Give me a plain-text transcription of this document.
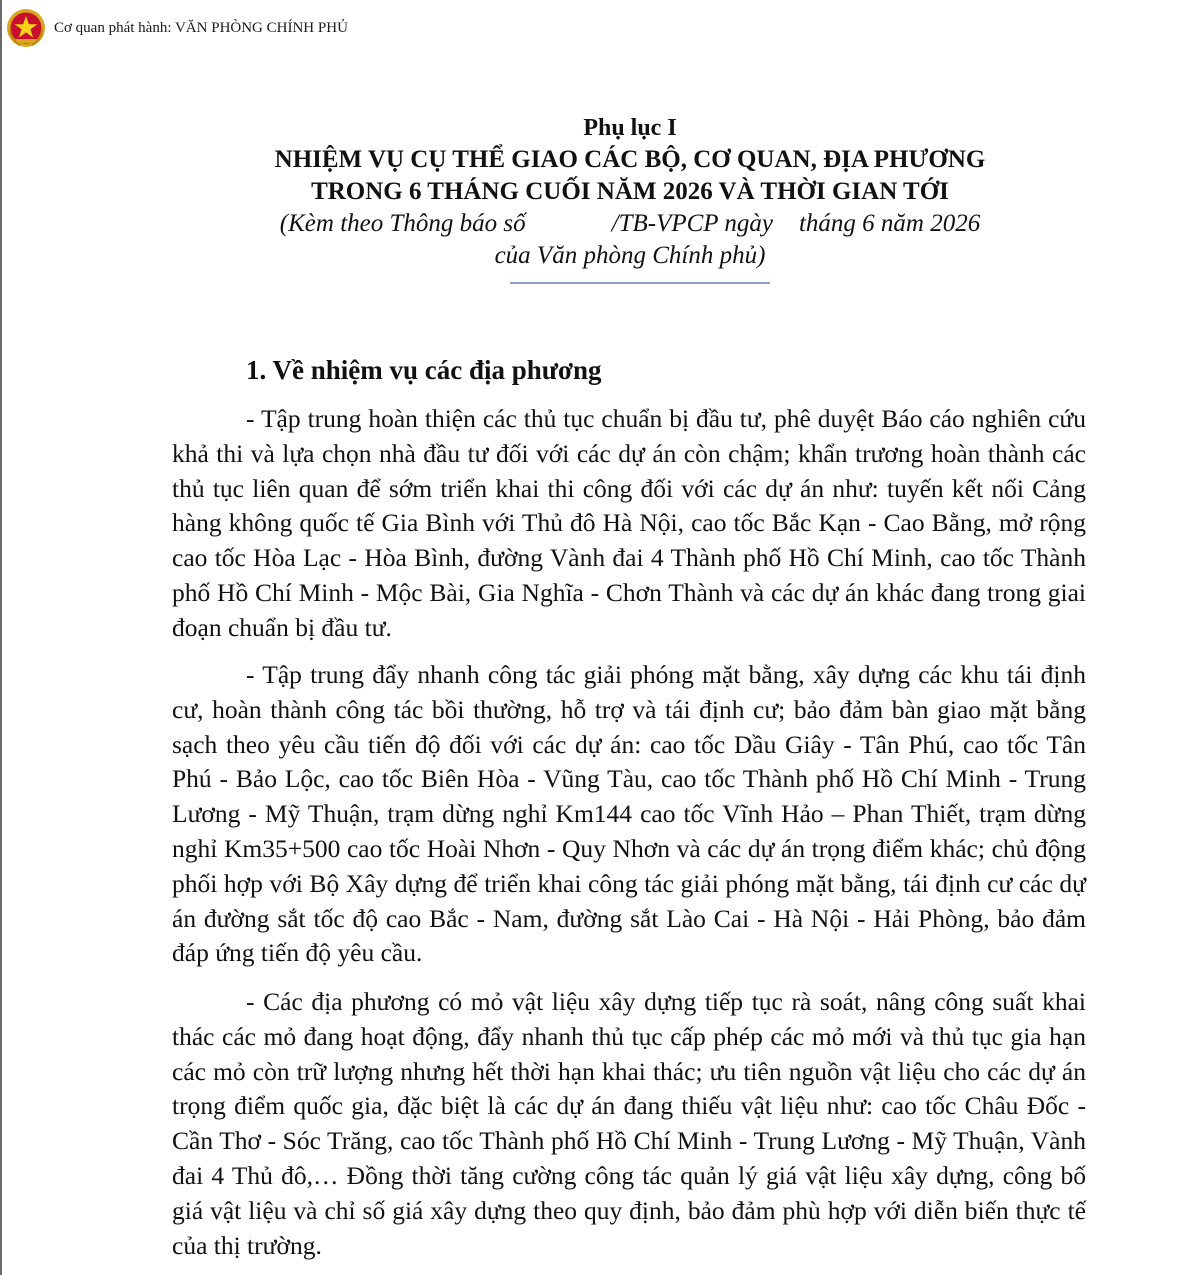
Cơ quan phát hành: VĂN PHÒNG CHÍNH PHỦ
Phụ lục I
NHIỆM VỤ CỤ THỂ GIAO CÁC BỘ, CƠ QUAN, ĐỊA PHƯƠNG
TRONG 6 THÁNG CUỐI NĂM 2026 VÀ THỜI GIAN TỚI
(Kèm theo Thông báo số	/TB-VPCP ngày tháng 6 năm 2026
của Văn phòng Chính phủ)
1. Về nhiệm vụ các địa phương

- Tập trung hoàn thiện các thủ tục chuẩn bị đầu tư, phê duyệt Báo cáo nghiên cứu khả thi và lựa chọn nhà đầu tư đối với các dự án còn chậm; khẩn trương hoàn thành các thủ tục liên quan để sớm triển khai thi công đối với các dự án như: tuyến kết nối Cảng hàng không quốc tế Gia Bình với Thủ đô Hà Nội, cao tốc Bắc Kạn - Cao Bằng, mở rộng cao tốc Hòa Lạc - Hòa Bình, đường Vành đai 4 Thành phố Hồ Chí Minh, cao tốc Thành phố Hồ Chí Minh - Mộc Bài, Gia Nghĩa - Chơn Thành và các dự án khác đang trong giai đoạn chuẩn bị đầu tư.

- Tập trung đẩy nhanh công tác giải phóng mặt bằng, xây dựng các khu tái định cư, hoàn thành công tác bồi thường, hỗ trợ và tái định cư; bảo đảm bàn giao mặt bằng sạch theo yêu cầu tiến độ đối với các dự án: cao tốc Dầu Giây - Tân Phú, cao tốc Tân Phú - Bảo Lộc, cao tốc Biên Hòa - Vũng Tàu, cao tốc Thành phố Hồ Chí Minh - Trung Lương - Mỹ Thuận, trạm dừng nghỉ Km144 cao tốc Vĩnh Hảo – Phan Thiết, trạm dừng nghỉ Km35+500 cao tốc Hoài Nhơn - Quy Nhơn và các dự án trọng điểm khác; chủ động phối hợp với Bộ Xây dựng để triển khai công tác giải phóng mặt bằng, tái định cư các dự án đường sắt tốc độ cao Bắc - Nam, đường sắt Lào Cai - Hà Nội - Hải Phòng, bảo đảm đáp ứng tiến độ yêu cầu.

- Các địa phương có mỏ vật liệu xây dựng tiếp tục rà soát, nâng công suất khai thác các mỏ đang hoạt động, đẩy nhanh thủ tục cấp phép các mỏ mới và thủ tục gia hạn các mỏ còn trữ lượng nhưng hết thời hạn khai thác; ưu tiên nguồn vật liệu cho các dự án trọng điểm quốc gia, đặc biệt là các dự án đang thiếu vật liệu như: cao tốc Châu Đốc - Cần Thơ - Sóc Trăng, cao tốc Thành phố Hồ Chí Minh - Trung Lương - Mỹ Thuận, Vành đai 4 Thủ đô,… Đồng thời tăng cường công tác quản lý giá vật liệu xây dựng, công bố giá vật liệu và chỉ số giá xây dựng theo quy định, bảo đảm phù hợp với diễn biến thực tế của thị trường.
